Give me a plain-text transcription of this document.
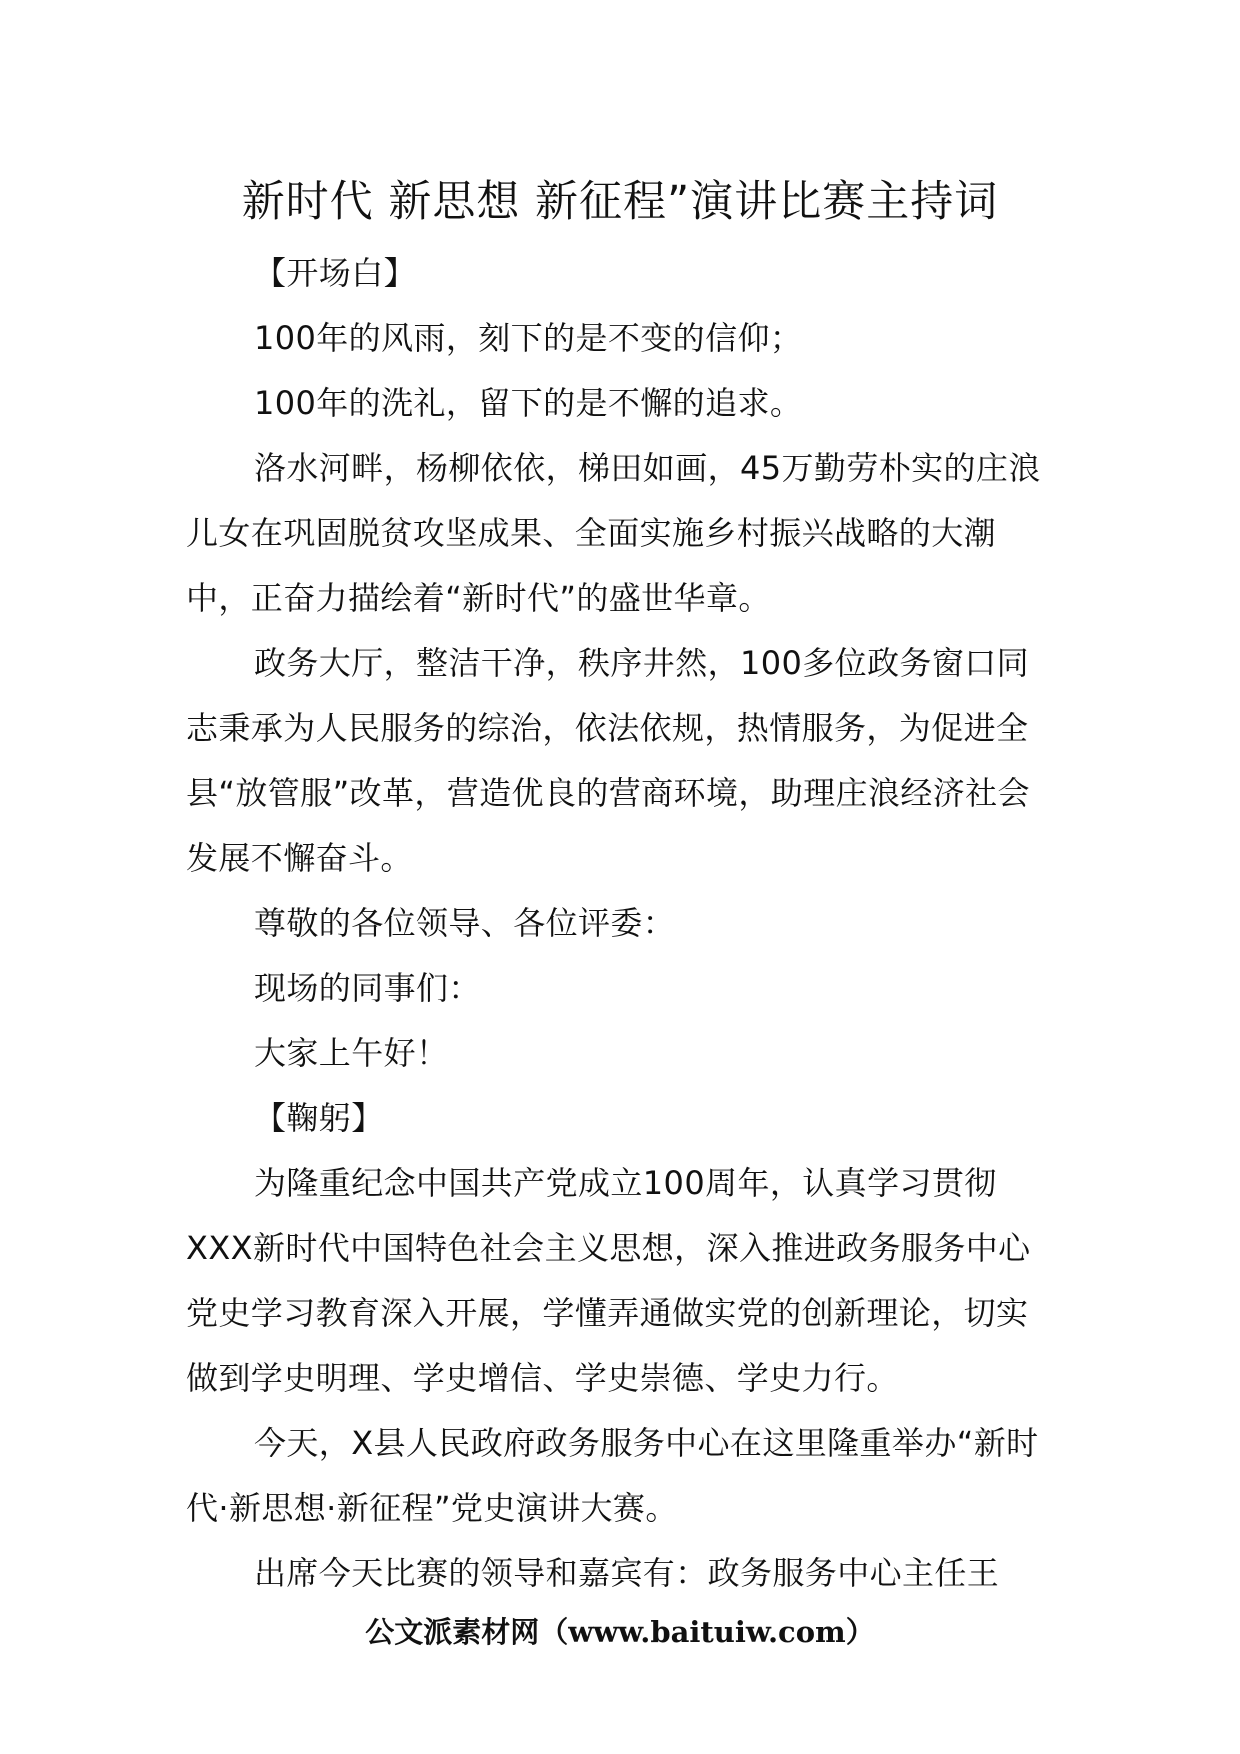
新时代 新思想 新征程”演讲比赛主持词

【开场白】

100年的风雨，刻下的是不变的信仰；

100年的洗礼，留下的是不懈的追求。

洛水河畔，杨柳依依，梯田如画，45万勤劳朴实的庄浪儿女在巩固脱贫攻坚成果、全面实施乡村振兴战略的大潮中，正奋力描绘着“新时代”的盛世华章。

政务大厅，整洁干净，秩序井然，100多位政务窗口同志秉承为人民服务的综治，依法依规，热情服务，为促进全县“放管服”改革，营造优良的营商环境，助理庄浪经济社会发展不懈奋斗。

尊敬的各位领导、各位评委：

现场的同事们：

大家上午好！

【鞠躬】

为隆重纪念中国共产党成立100周年，认真学习贯彻XXX新时代中国特色社会主义思想，深入推进政务服务中心党史学习教育深入开展，学懂弄通做实党的创新理论，切实做到学史明理、学史增信、学史崇德、学史力行。

今天，X县人民政府政务服务中心在这里隆重举办“新时代·新思想·新征程”党史演讲大赛。

出席今天比赛的领导和嘉宾有：政务服务中心主任王

公文派素材网（www.baituiw.com）
